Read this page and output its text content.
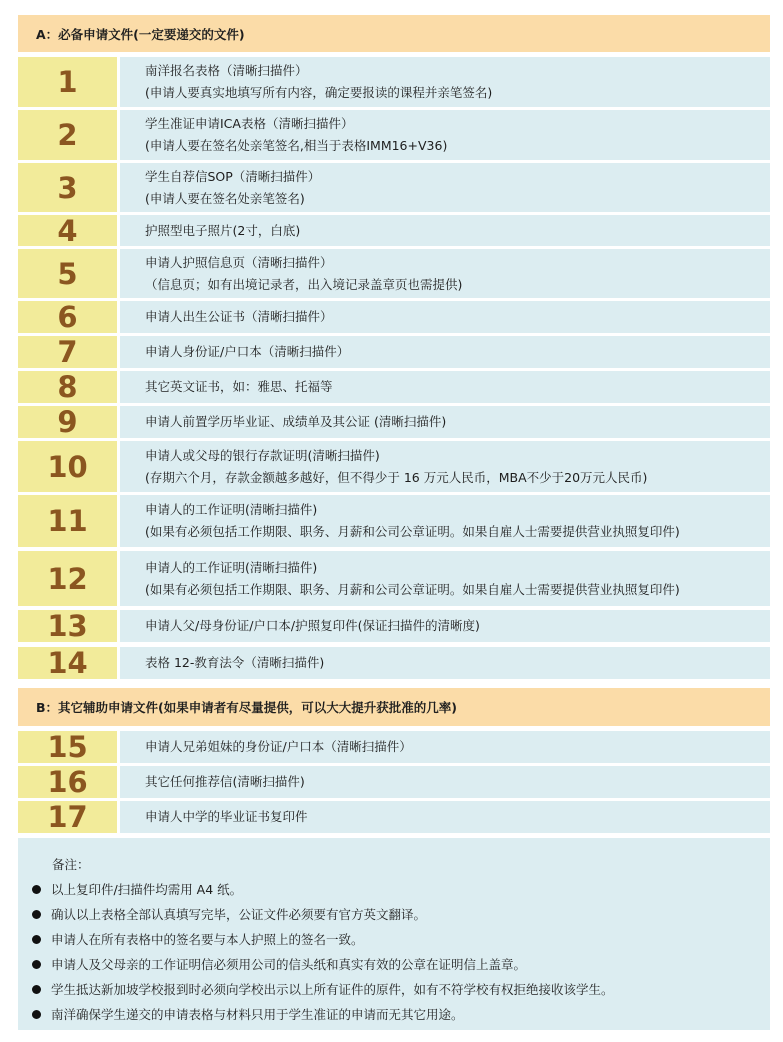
A：必备申请文件(一定要递交的文件)
1	南洋报名表格（清晰扫描件）
(申请人要真实地填写所有内容，确定要报读的课程并亲笔签名)
2	学生准证申请ICA表格（清晰扫描件）
(申请人要在签名处亲笔签名,相当于表格IMM16+V36)
3	学生自荐信SOP（清晰扫描件）
(申请人要在签名处亲笔签名)
4	护照型电子照片(2寸，白底)
5	申请人护照信息页（清晰扫描件）
（信息页；如有出境记录者，出入境记录盖章页也需提供)
6	申请人出生公证书（清晰扫描件）
7	申请人身份证/户口本（清晰扫描件）
8	其它英文证书，如：雅思、托福等
9	申请人前置学历毕业证、成绩单及其公证 (清晰扫描件)
10	申请人或父母的银行存款证明(清晰扫描件)
(存期六个月，存款金额越多越好，但不得少于 16 万元人民币，MBA不少于20万元人民币)
11	申请人的工作证明(清晰扫描件)
(如果有必须包括工作期限、职务、月薪和公司公章证明。如果自雇人士需要提供营业执照复印件)
12	申请人的工作证明(清晰扫描件)
(如果有必须包括工作期限、职务、月薪和公司公章证明。如果自雇人士需要提供营业执照复印件)
13	申请人父/母身份证/户口本/护照复印件(保证扫描件的清晰度)
14	表格 12-教育法令（清晰扫描件)
B：其它辅助申请文件(如果申请者有尽量提供，可以大大提升获批准的几率)
15	申请人兄弟姐妹的身份证/户口本（清晰扫描件）
16	其它任何推荐信(清晰扫描件)
17	申请人中学的毕业证书复印件
备注：
以上复印件/扫描件均需用 A4 纸。
确认以上表格全部认真填写完毕，公证文件必须要有官方英文翻译。
申请人在所有表格中的签名要与本人护照上的签名一致。
申请人及父母亲的工作证明信必须用公司的信头纸和真实有效的公章在证明信上盖章。
学生抵达新加坡学校报到时必须向学校出示以上所有证件的原件，如有不符学校有权拒绝接收该学生。
南洋确保学生递交的申请表格与材料只用于学生准证的申请而无其它用途。
